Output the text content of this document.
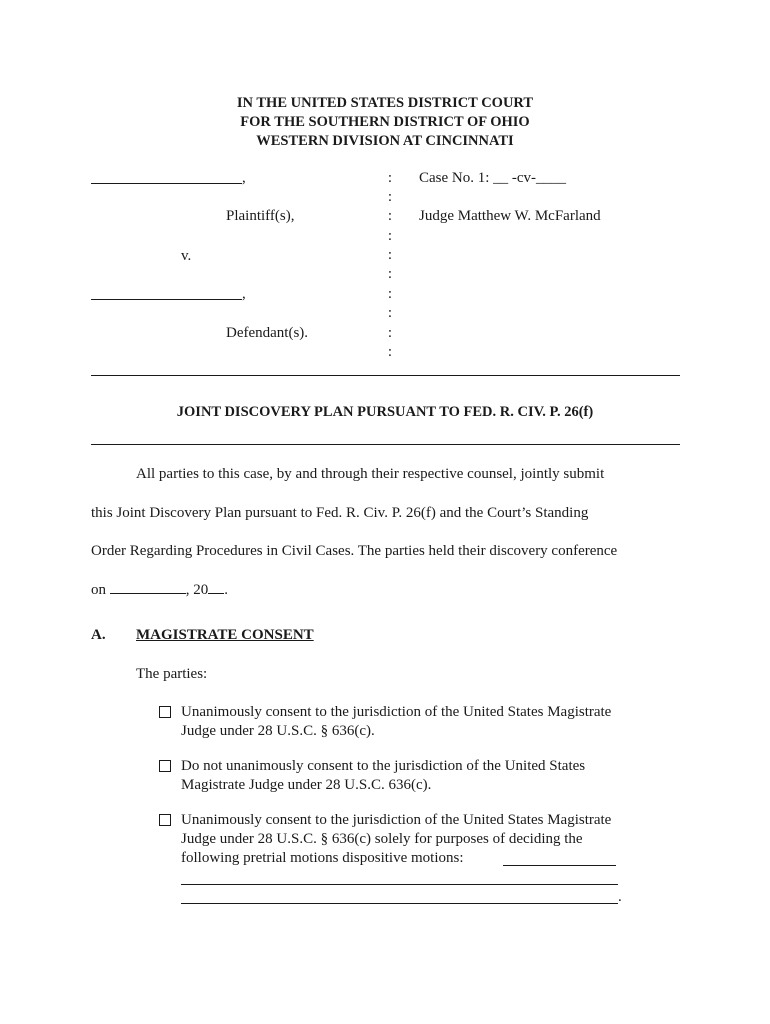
IN THE UNITED STATES DISTRICT COURT
FOR THE SOUTHERN DISTRICT OF OHIO
WESTERN DIVISION AT CINCINNATI
,
Plaintiff(s),
v.
,
Defendant(s).
:
:
:
:
:
:
:
:
:
:
Case No. 1: __ -cv-____
Judge Matthew W. McFarland
JOINT DISCOVERY PLAN PURSUANT TO FED. R. CIV. P. 26(f)
All parties to this case, by and through their respective counsel, jointly submit
this Joint Discovery Plan pursuant to Fed. R. Civ. P. 26(f) and the Court’s Standing
Order Regarding Procedures in Civil Cases. The parties held their discovery conference
on	, 20 .
A. MAGISTRATE CONSENT
The parties:
Unanimously consent to the jurisdiction of the United States Magistrate
Judge under 28 U.S.C. § 636(c).
Do not unanimously consent to the jurisdiction of the United States
Magistrate Judge under 28 U.S.C. 636(c).
Unanimously consent to the jurisdiction of the United States Magistrate
Judge under 28 U.S.C. § 636(c) solely for purposes of deciding the
following pretrial motions dispositive motions:
.
